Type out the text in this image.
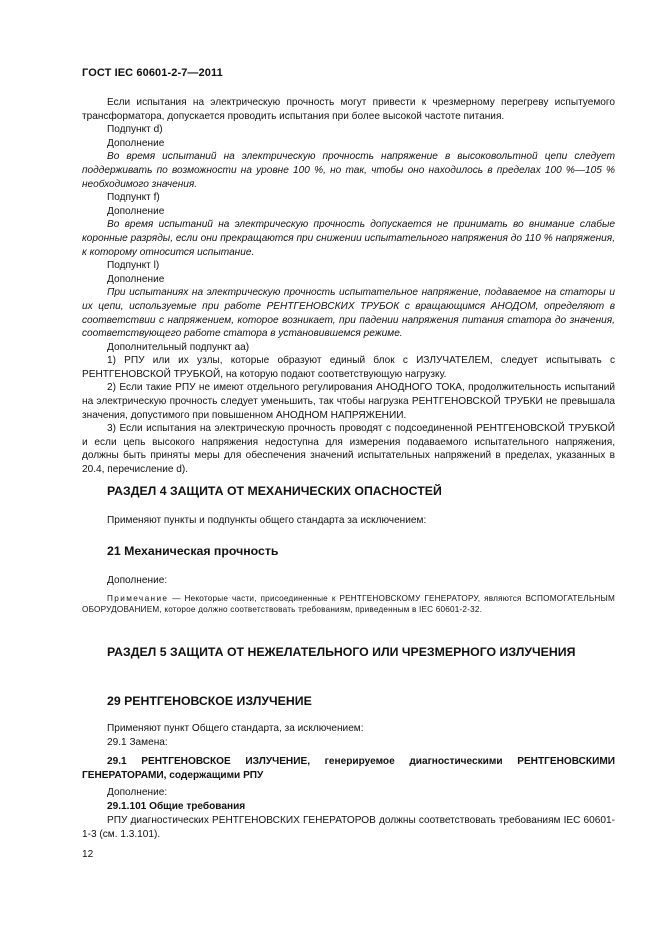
ГОСТ IEC 60601-2-7—2011

Если испытания на электрическую прочность могут привести к чрезмерному перегреву испытуемого трансформатора, допускается проводить испытания при более высокой частоте питания.

Подпункт d)

Дополнение

Во время испытаний на электрическую прочность напряжение в высоковольтной цепи следует поддерживать по возможности на уровне 100 %, но так, чтобы оно находилось в пределах 100 %—105 % необходимого значения.

Подпункт f)

Дополнение

Во время испытаний на электрическую прочность допускается не принимать во внимание слабые коронные разряды, если они прекращаются при снижении испытательного напряжения до 110 % напряжения, к которому относится испытание.

Подпункт l)

Дополнение

При испытаниях на электрическую прочность испытательное напряжение, подаваемое на статоры и их цепи, используемые при работе РЕНТГЕНОВСКИХ ТРУБОК с вращающимся АНОДОМ, определяют в соответствии с напряжением, которое возникает, при падении напряжения питания статора до значения, соответствующего работе статора в установившемся режиме.

Дополнительный подпункт аа)

1) РПУ или их узлы, которые образуют единый блок с ИЗЛУЧАТЕЛЕМ, следует испытывать с РЕНТГЕНОВСКОЙ ТРУБКОЙ, на которую подают соответствующую нагрузку.

2) Если такие РПУ не имеют отдельного регулирования АНОДНОГО ТОКА, продолжительность испытаний на электрическую прочность следует уменьшить, так чтобы нагрузка РЕНТГЕНОВСКОЙ ТРУБКИ не превышала значения, допустимого при повышенном АНОДНОМ НАПРЯЖЕНИИ.

3) Если испытания на электрическую прочность проводят с подсоединенной РЕНТГЕНОВСКОЙ ТРУБКОЙ и если цепь высокого напряжения недоступна для измерения подаваемого испытательного напряжения, должны быть приняты меры для обеспечения значений испытательных напряжений в пределах, указанных в 20.4, перечисление d).

РАЗДЕЛ 4 ЗАЩИТА ОТ МЕХАНИЧЕСКИХ ОПАСНОСТЕЙ
Применяют пункты и подпункты общего стандарта за исключением:
21 Механическая прочность
Дополнение:

Примечание — Некоторые части, присоединенные к РЕНТГЕНОВСКОМУ ГЕНЕРАТОРУ, являются ВСПОМОГАТЕЛЬНЫМ ОБОРУДОВАНИЕМ, которое должно соответствовать требованиям, приведенным в IEC 60601-2-32.

РАЗДЕЛ 5 ЗАЩИТА ОТ НЕЖЕЛАТЕЛЬНОГО ИЛИ ЧРЕЗМЕРНОГО ИЗЛУЧЕНИЯ
29 РЕНТГЕНОВСКОЕ ИЗЛУЧЕНИЕ
Применяют пункт Общего стандарта, за исключением:
29.1 Замена:

29.1 РЕНТГЕНОВСКОЕ ИЗЛУЧЕНИЕ, генерируемое диагностическими РЕНТГЕНОВСКИМИ ГЕНЕРАТОРАМИ, содержащими РПУ

Дополнение:
29.1.101 Общие требования

РПУ диагностических РЕНТГЕНОВСКИХ ГЕНЕРАТОРОВ должны соответствовать требованиям IEC 60601-1-3 (см. 1.3.101).

12
